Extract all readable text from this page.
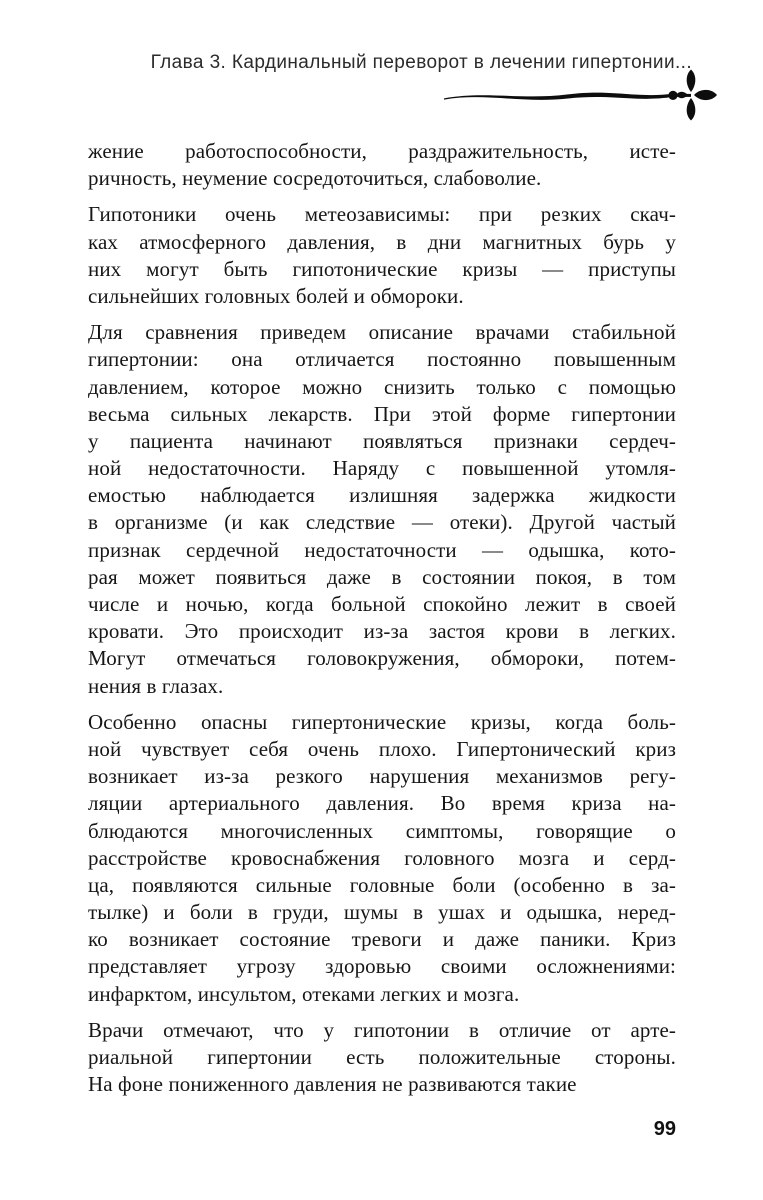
Глава 3. Кардинальный переворот в лечении гипертонии...
жение работоспособности, раздражительность, исте-
ричность, неумение сосредоточиться, слабоволие.
Гипотоники очень метеозависимы: при резких скач-
ках атмосферного давления, в дни магнитных бурь у
них могут быть гипотонические кризы — приступы
сильнейших головных болей и обмороки.
Для сравнения приведем описание врачами стабильной
гипертонии: она отличается постоянно повышенным
давлением, которое можно снизить только с помощью
весьма сильных лекарств. При этой форме гипертонии
у пациента начинают появляться признаки сердеч-
ной недостаточности. Наряду с повышенной утомля-
емостью наблюдается излишняя задержка жидкости
в организме (и как следствие — отеки). Другой частый
признак сердечной недостаточности — одышка, кото-
рая может появиться даже в состоянии покоя, в том
числе и ночью, когда больной спокойно лежит в своей
кровати. Это происходит из-за застоя крови в легких.
Могут отмечаться головокружения, обмороки, потем-
нения в глазах.
Особенно опасны гипертонические кризы, когда боль-
ной чувствует себя очень плохо. Гипертонический криз
возникает из-за резкого нарушения механизмов регу-
ляции артериального давления. Во время криза на-
блюдаются многочисленных симптомы, говорящие о
расстройстве кровоснабжения головного мозга и серд-
ца, появляются сильные головные боли (особенно в за-
тылке) и боли в груди, шумы в ушах и одышка, неред-
ко возникает состояние тревоги и даже паники. Криз
представляет угрозу здоровью своими осложнениями:
инфарктом, инсультом, отеками легких и мозга.
Врачи отмечают, что у гипотонии в отличие от арте-
риальной гипертонии есть положительные стороны.
На фоне пониженного давления не развиваются такие
99
